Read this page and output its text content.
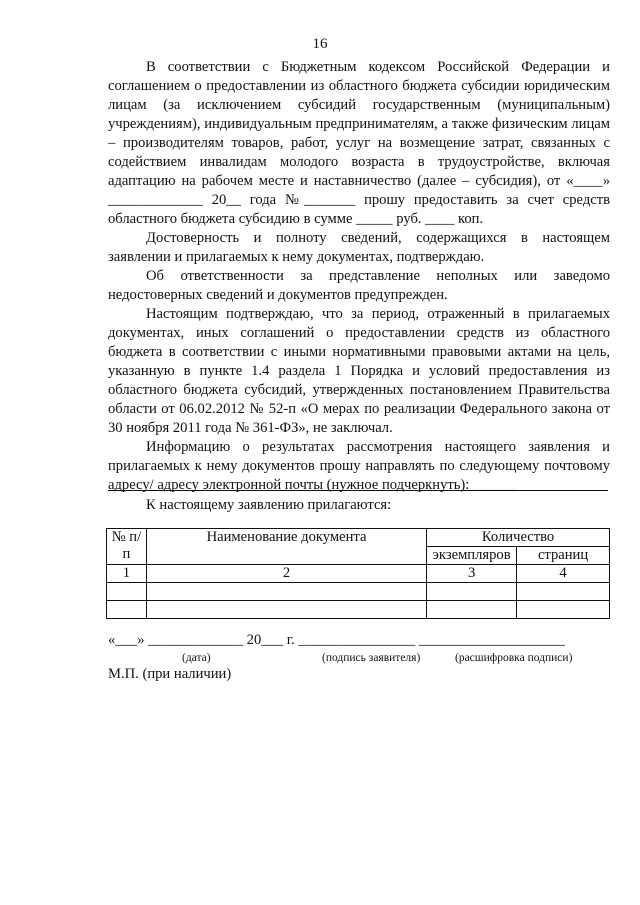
16

В соответствии с Бюджетным кодексом Российской Федерации и соглашением о предоставлении из областного бюджета субсидии юридическим лицам (за исключением субсидий государственным (муниципальным) учреждениям), индивидуальным предпринимателям, а также физическим лицам – производителям товаров, работ, услуг на возмещение затрат, связанных с содействием инвалидам молодого возраста в трудоустройстве, включая адаптацию на рабочем месте и наставничество (далее – субсидия), от «____» _____________ 20__ года №_______ прошу предоставить за счет средств областного бюджета субсидию в сумме _____ руб. ____ коп.

Достоверность и полноту сведений, содержащихся в настоящем заявлении и прилагаемых к нему документах, подтверждаю.

Об ответственности за представление неполных или заведомо недостоверных сведений и документов предупрежден.

Настоящим подтверждаю, что за период, отраженный в прилагаемых документах, иных соглашений о предоставлении средств из областного бюджета в соответствии с иными нормативными правовыми актами на цель, указанную в пункте 1.4 раздела 1 Порядка и условий предоставления из областного бюджета субсидий, утвержденных постановлением Правительства области от 06.02.2012 № 52-п «О мерах по реализации Федерального закона от 30 ноября 2011 года № 361-ФЗ», не заключал.

Информацию о результатах рассмотрения настоящего заявления и прилагаемых к нему документов прошу направлять по следующему почтовому адресу/ адресу электронной почты (нужное подчеркнуть): ______

К настоящему заявлению прилагаются:
№ п/п	Наименование документа	Количество	
		экземпляров	страниц
1	2	3	4

«___» _____________ 20___ г. ________________ ____________________
(дата)	(подпись заявителя)	(расшифровка подписи)
М.П. (при наличии)
